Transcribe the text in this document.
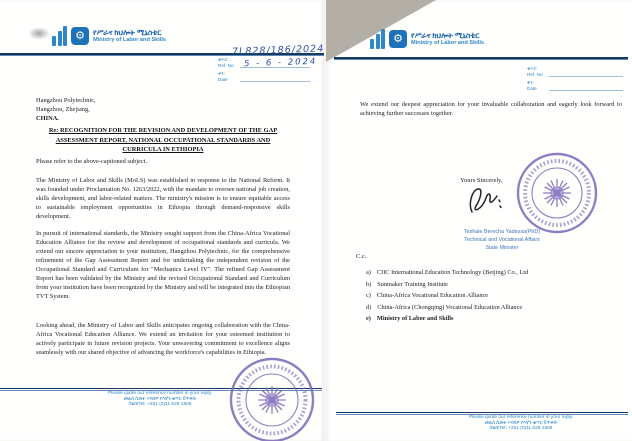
⚙	የሥራና ክህሎት ሚኒስቴር
Ministry of Labor and Skills
ቁጥር:
Ref. No
ቀን:
Date
7L828/186/2024
5 - 6 - 2024
Hangzhou Polytechnic,
Hangzhou, Zhejiang,
CHINA.
Re: RECOGNITION FOR THE REVISION AND DEVELOPMENT OF THE GAP ASSESSMENT REPORT, NATIONAL OCCUPATIONAL STANDARDS AND CURRICULA IN ETHIOPIA
Please refer to the above-captioned subject.
The Ministry of Labor and Skills (MoLS) was established in response to the National Reform. It was founded under Proclamation No. 1263/2022, with the mandate to oversee national job creation, skills development, and labor-related matters. The ministry's mission is to ensure equitable access to sustainable employment opportunities in Ethiopia through demand-responsive skills development.
In pursuit of international standards, the Ministry sought support from the China-Africa Vocational Education Alliance for the review and development of occupational standards and curricula. We extend our sincere appreciation to your institution, Hangzhou Polytechnic, for the comprehensive refinement of the Gap Assessment Report and for undertaking the independent revision of the Occupational Standard and Curriculum for "Mechanics Level IV". The refined Gap Assessment Report has been validated by the Ministry and the revised Occupational Standard and Curriculum from your institution have been recognized by the Ministry and will be integrated into the Ethiopian TVT System.
Looking ahead, the Ministry of Labor and Skills anticipates ongoing collaboration with the China-Africa Vocational Education Alliance. We extend an invitation for your esteemed institution to actively participate in future revision projects. Your unwavering commitment to excellence aligns seamlessly with our shared objective of advancing the workforce's capabilities in Ethiopia.
Please quote our reference number in your reply.
መልስ ሲጽፉ እባክዎ የእኛን ቁጥር ይጥቀሱ
ስልክ/Tel: +251 (0)11 629 1806
⚙	የሥራና ክህሎት ሚኒስቴር
Ministry of Labor and Skills
ቁጥር:
Ref. No
ቀን:
Date
We extend our deepest appreciation for your invaluable collaboration and eagerly look forward to achieving further successes together.
Yours Sincerely,
Teshale Berecha Yadessa(PhD)
Technical and Vocational Affairs
State Minister
C.c.
a) CIIC International Education Technology (Beijing) Co., Ltd
b) Sunmaker Training Institute
c) China-Africa Vocational Education Alliance
d) China-Africa (Chongqing) Vocational Education Alliance
e) Ministry of Labor and Skills
Please quote our reference number in your reply.
መልስ ሲጽፉ እባክዎ የእኛን ቁጥር ይጥቀሱ
ስልክ/Tel: +251 (0)11 629 1806
